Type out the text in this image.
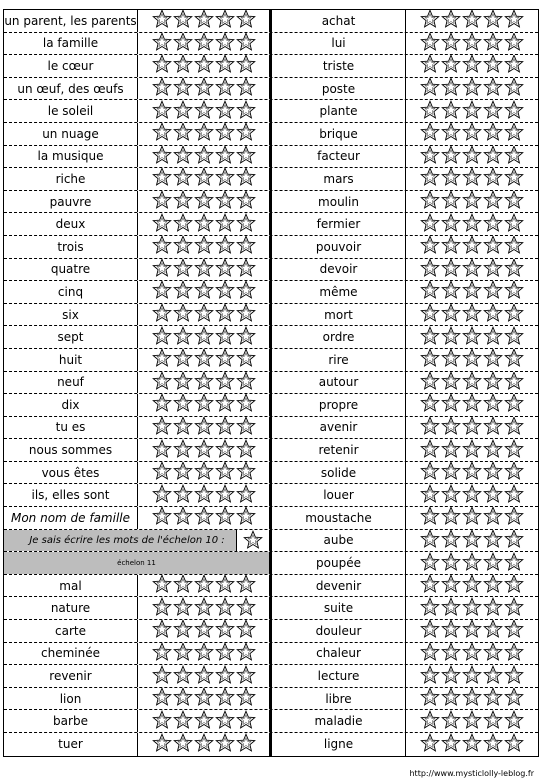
un parent, les parents	achat
la famille	lui
le cœur	triste
un œuf, des œufs	poste
le soleil	plante
un nuage	brique
la musique	facteur
riche	mars
pauvre	moulin
deux	fermier
trois	pouvoir
quatre	devoir
cinq	même
six	mort
sept	ordre
huit	rire
neuf	autour
dix	propre
tu es	avenir
nous sommes	retenir
vous êtes	solide
ils, elles sont	louer
Mon nom de famille	moustache
Je sais écrire les mots de l'échelon 10 :	aube
échelon 11	poupée
mal	devenir
nature	suite
carte	douleur
cheminée	chaleur
revenir	lecture
lion	libre
barbe	maladie
tuer	ligne
http://www.mysticlolly-leblog.fr
